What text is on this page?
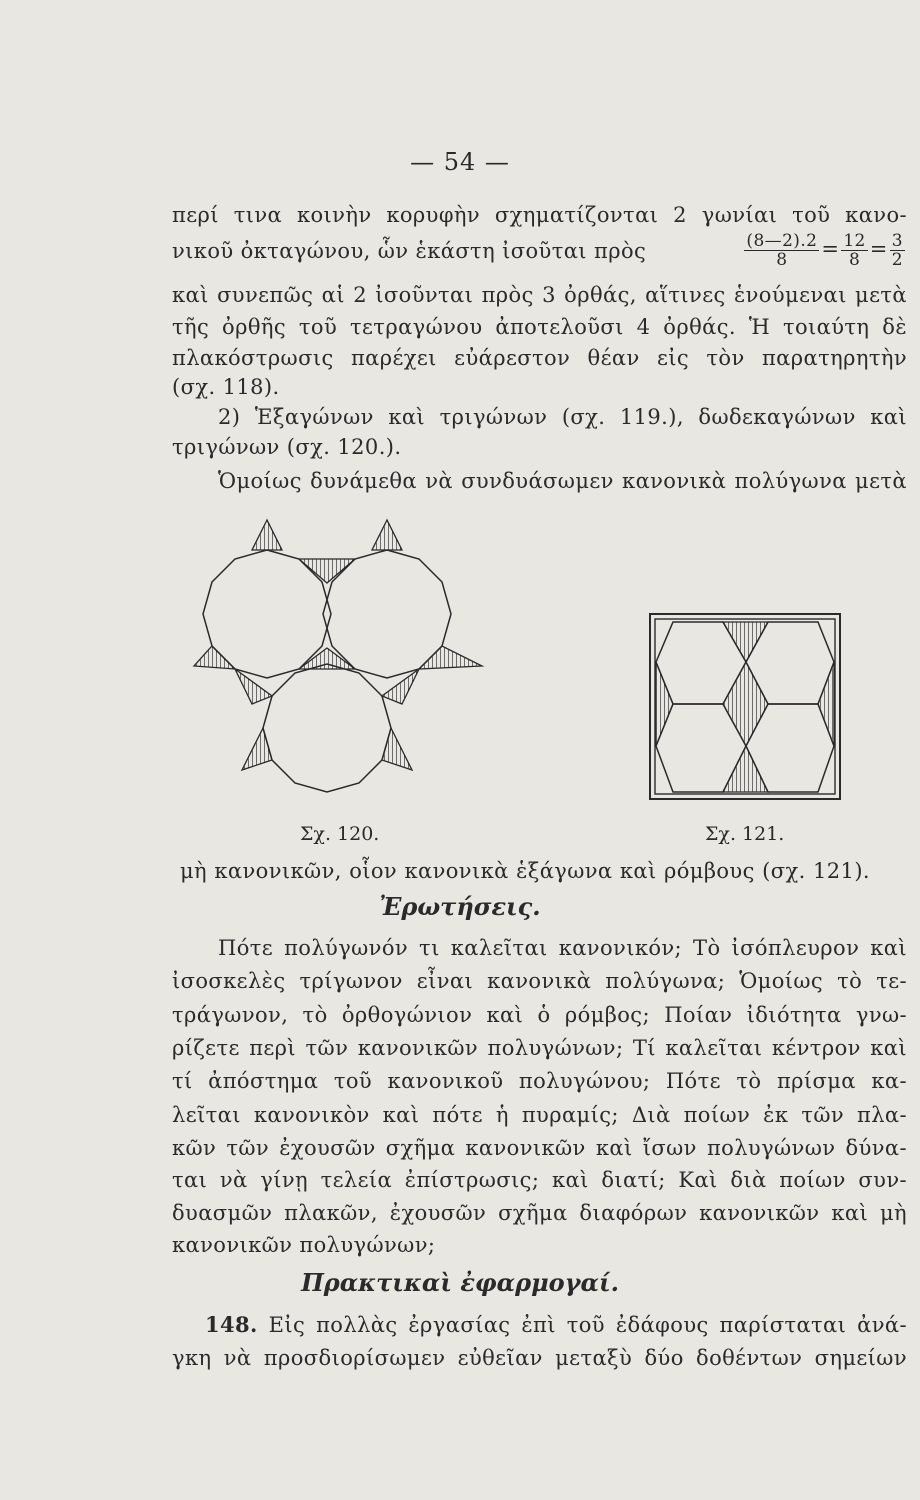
— 54 —
περί τινα κοινὴν κορυφὴν σχηματίζονται 2 γωνίαι τοῦ κανο-
νικοῦ ὀκταγώνου, ὧν ἑκάστη ἰσοῦται πρὸς	$\frac{(8—2).2}{8} = \frac{12}{8} = \frac{3}{2}$
καὶ συνεπῶς αἱ 2 ἰσοῦνται πρὸς 3 ὀρθάς, αἵτινες ἑνούμεναι μετὰ
τῆς ὀρθῆς τοῦ τετραγώνου ἀποτελοῦσι 4 ὀρθάς. Ἡ τοιαύτη δὲ
πλακόστρωσις παρέχει εὐάρεστον θέαν εἰς τὸν παρατηρητὴν
(σχ. 118).
2) Ἑξαγώνων καὶ τριγώνων (σχ. 119.), δωδεκαγώνων καὶ
τριγώνων (σχ. 120.).
Ὁμοίως δυνάμεθα νὰ συνδυάσωμεν κανονικὰ πολύγωνα μετὰ
Σχ. 120.	Σχ. 121.
μὴ κανονικῶν, οἷον κανονικὰ ἑξάγωνα καὶ ρόμβους (σχ. 121).
Ἐρωτήσεις.
Πότε πολύγωνόν τι καλεῖται κανονικόν; Τὸ ἰσόπλευρον καὶ
ἰσοσκελὲς τρίγωνον εἶναι κανονικὰ πολύγωνα; Ὁμοίως τὸ τε-
τράγωνον, τὸ ὀρθογώνιον καὶ ὁ ρόμβος; Ποίαν ἰδιότητα γνω-
ρίζετε περὶ τῶν κανονικῶν πολυγώνων; Τί καλεῖται κέντρον καὶ
τί ἀπόστημα τοῦ κανονικοῦ πολυγώνου; Πότε τὸ πρίσμα κα-
λεῖται κανονικὸν καὶ πότε ἡ πυραμίς; Διὰ ποίων ἐκ τῶν πλα-
κῶν τῶν ἐχουσῶν σχῆμα κανονικῶν καὶ ἴσων πολυγώνων δύνα-
ται νὰ γίνῃ τελεία ἐπίστρωσις; καὶ διατί; Καὶ διὰ ποίων συν-
δυασμῶν πλακῶν, ἐχουσῶν σχῆμα διαφόρων κανονικῶν καὶ μὴ
κανονικῶν πολυγώνων;
Πρακτικαὶ ἐφαρμογαί.
148. Εἰς πολλὰς ἐργασίας ἐπὶ τοῦ ἐδάφους παρίσταται ἀνά-
γκη νὰ προσδιορίσωμεν εὐθεῖαν μεταξὺ δύο δοθέντων σημείων
